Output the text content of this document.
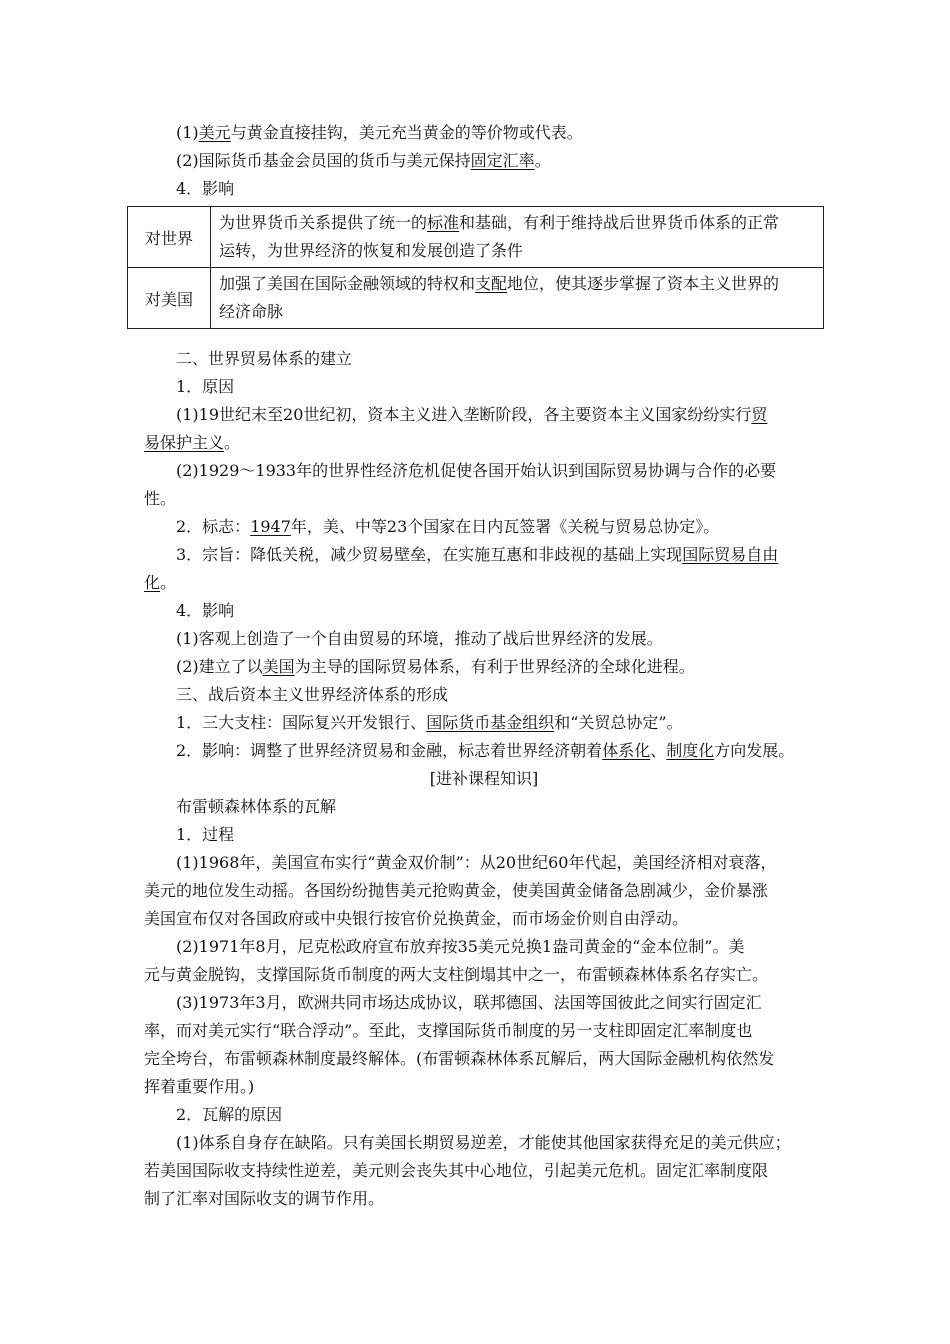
(1)美元与黄金直接挂钩，美元充当黄金的等价物或代表。
(2)国际货币基金会员国的货币与美元保持固定汇率。
4．影响
对世界	为世界货币关系提供了统一的标准和基础，有利于维持战后世界货币体系的正常
运转，为世界经济的恢复和发展创造了条件
对美国	加强了美国在国际金融领域的特权和支配地位，使其逐步掌握了资本主义世界的
经济命脉
二、世界贸易体系的建立
1．原因
(1)19世纪末至20世纪初，资本主义进入垄断阶段，各主要资本主义国家纷纷实行贸
易保护主义。
(2)1929～1933年的世界性经济危机促使各国开始认识到国际贸易协调与合作的必要
性。
2．标志：1947年，美、中等23个国家在日内瓦签署《关税与贸易总协定》。
3．宗旨：降低关税，减少贸易壁垒，在实施互惠和非歧视的基础上实现国际贸易自由
化。
4．影响
(1)客观上创造了一个自由贸易的环境，推动了战后世界经济的发展。
(2)建立了以美国为主导的国际贸易体系，有利于世界经济的全球化进程。
三、战后资本主义世界经济体系的形成
1．三大支柱：国际复兴开发银行、国际货币基金组织和“关贸总协定”。
2．影响：调整了世界经济贸易和金融，标志着世界经济朝着体系化、制度化方向发展。
[进补课程知识]
布雷顿森林体系的瓦解
1．过程
(1)1968年，美国宣布实行“黄金双价制”：从20世纪60年代起，美国经济相对衰落，
美元的地位发生动摇。各国纷纷抛售美元抢购黄金，使美国黄金储备急剧减少，金价暴涨
美国宣布仅对各国政府或中央银行按官价兑换黄金，而市场金价则自由浮动。
(2)1971年8月，尼克松政府宣布放弃按35美元兑换1盎司黄金的“金本位制”。美
元与黄金脱钩，支撑国际货币制度的两大支柱倒塌其中之一，布雷顿森林体系名存实亡。
(3)1973年3月，欧洲共同市场达成协议，联邦德国、法国等国彼此之间实行固定汇
率，而对美元实行“联合浮动”。至此，支撑国际货币制度的另一支柱即固定汇率制度也
完全垮台，布雷顿森林制度最终解体。(布雷顿森林体系瓦解后，两大国际金融机构依然发
挥着重要作用。)
2．瓦解的原因
(1)体系自身存在缺陷。只有美国长期贸易逆差，才能使其他国家获得充足的美元供应；
若美国国际收支持续性逆差，美元则会丧失其中心地位，引起美元危机。固定汇率制度限
制了汇率对国际收支的调节作用。
